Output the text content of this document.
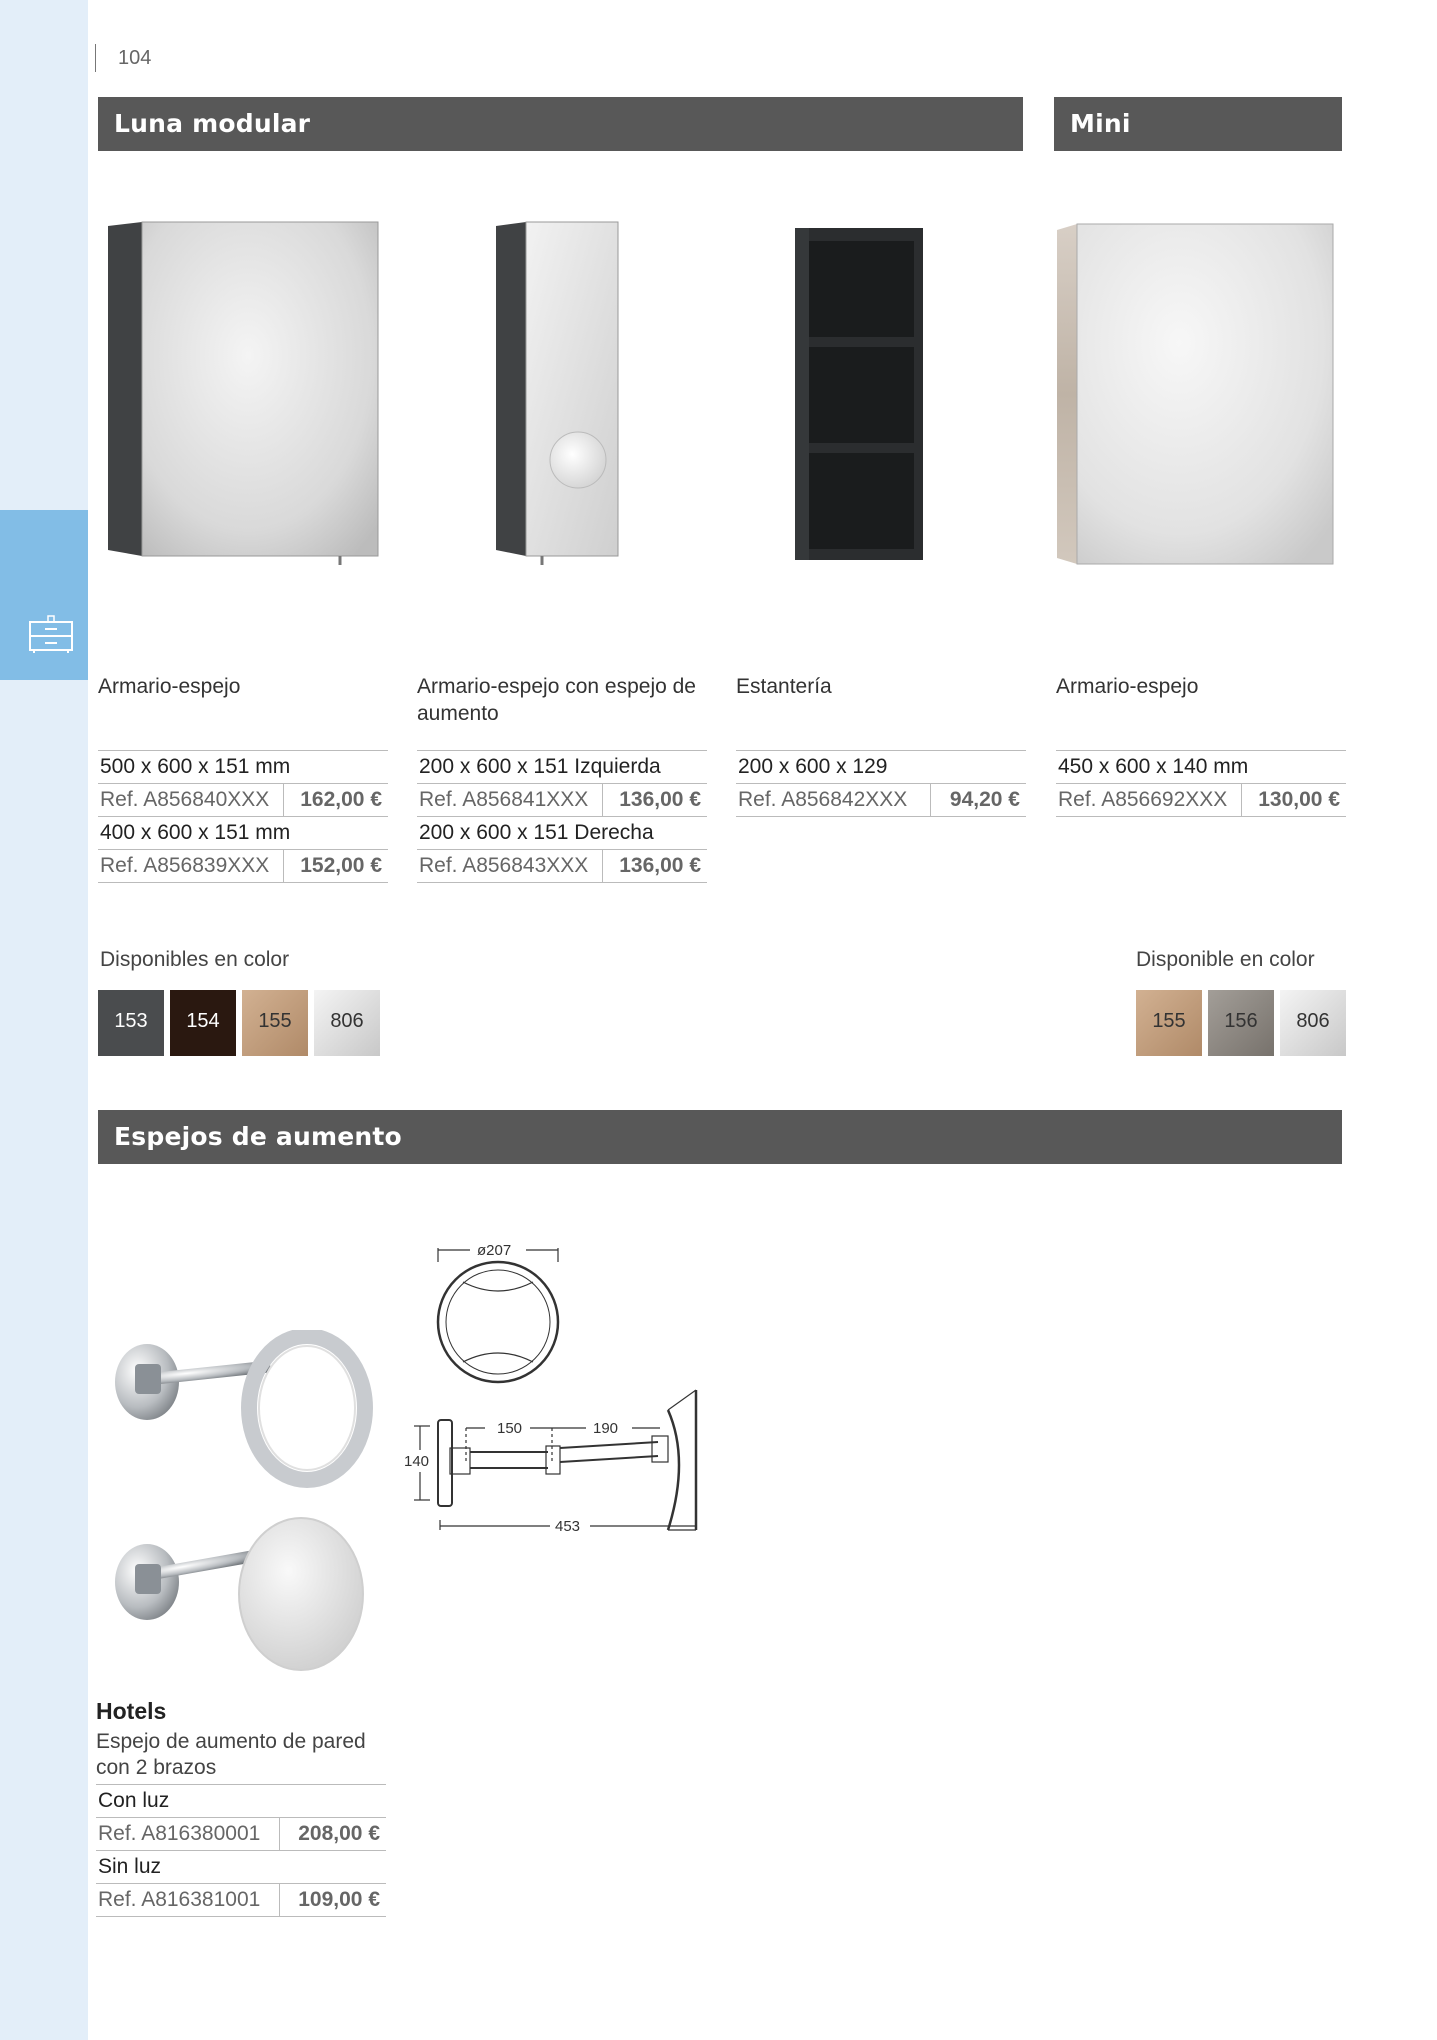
104
Luna modular	Mini
Armario-espejo	Armario-espejo con espejo de aumento
Estantería	Armario-espejo
500 x 600 x 151 mm	
Ref. A856840XXX	162,00 €
400 x 600 x 151 mm	
Ref. A856839XXX	152,00 €
200 x 600 x 151 Izquierda	
Ref. A856841XXX	136,00 €
200 x 600 x 151 Derecha	
Ref. A856843XXX	136,00 €
200 x 600 x 129
Ref. A856842XXX	94,20 €
450 x 600 x 140 mm
Ref. A856692XXX	130,00 €
Disponibles en color
153	154	155	806
Disponible en color
155	156	806
Espejos de aumento
ø207
150	190
140
453
Hotels
Espejo de aumento de pared con 2 brazos
Con luz	
Ref. A816380001	208,00 €
Sin luz	
Ref. A816381001	109,00 €
